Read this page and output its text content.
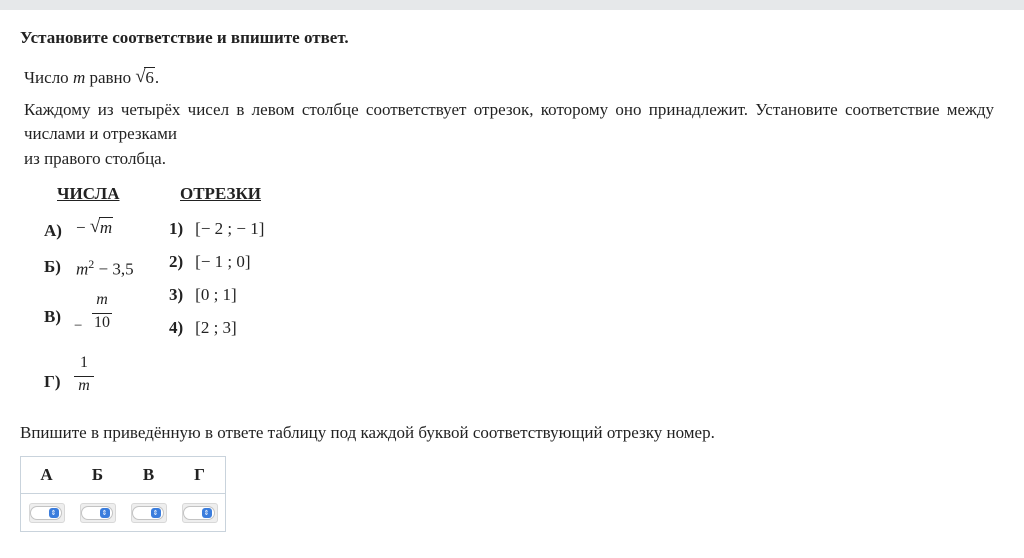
Установите соответствие и впишите ответ.
Число m равно √ 6.
Каждому из четырёх чисел в левом столбце соответствует отрезок, которому оно принадлежит. Установите соответствие между числами и отрезками
из правого столбца.
ЧИСЛА	ОТРЕЗКИ
А) − √ m
Б) $m^2 - 3,5$
В) −
m
10
Г)
1
m
1) [− 2 ; − 1]
2) [− 1 ; 0]
3) [0 ; 1]
4) [2 ; 3]
Впишите в приведённую в ответе таблицу под каждой буквой соответствующий отрезку номер.
А	Б	В	Г
⇕	⇕	⇕	⇕
